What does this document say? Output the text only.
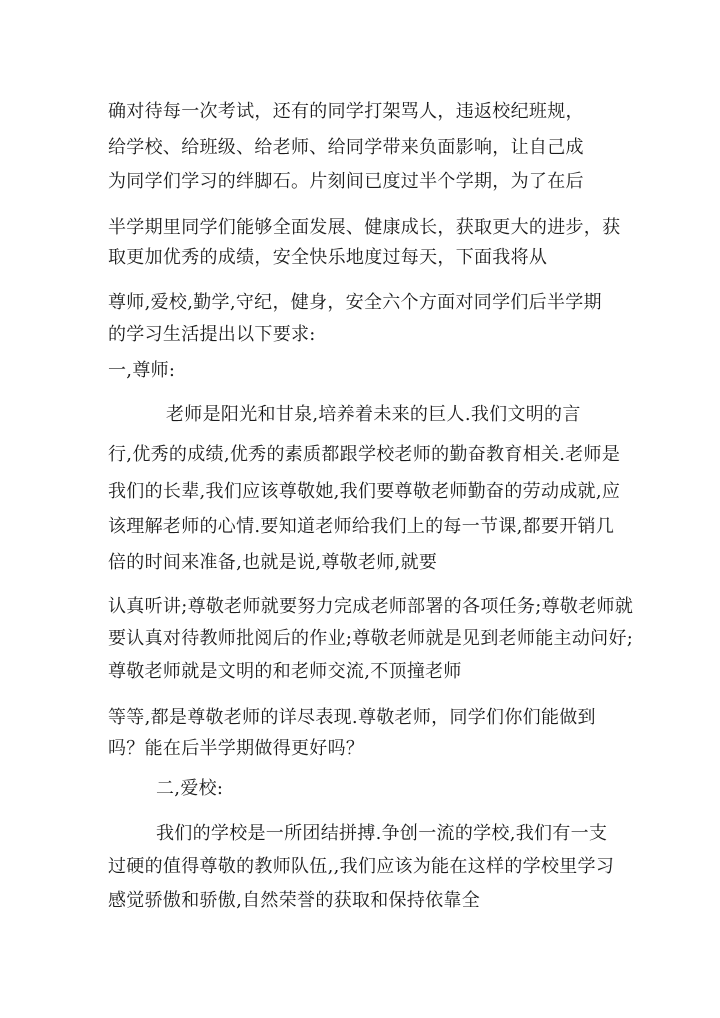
确对待每一次考试，还有的同学打架骂人，违返校纪班规，
给学校、给班级、给老师、给同学带来负面影响，让自己成
为同学们学习的绊脚石。片刻间已度过半个学期，为了在后
半学期里同学们能够全面发展、健康成长，获取更大的进步，获
取更加优秀的成绩，安全快乐地度过每天，下面我将从
尊师,爱校,勤学,守纪，健身，安全六个方面对同学们后半学期
的学习生活提出以下要求:
一,尊师:
老师是阳光和甘泉,培养着未来的巨人.我们文明的言
行,优秀的成绩,优秀的素质都跟学校老师的勤奋教育相关.老师是
我们的长辈,我们应该尊敬她,我们要尊敬老师勤奋的劳动成就,应
该理解老师的心情.要知道老师给我们上的每一节课,都要开销几
倍的时间来准备,也就是说,尊敬老师,就要
认真听讲;尊敬老师就要努力完成老师部署的各项任务;尊敬老师就
要认真对待教师批阅后的作业;尊敬老师就是见到老师能主动问好;
尊敬老师就是文明的和老师交流,不顶撞老师
等等,都是尊敬老师的详尽表现.尊敬老师，同学们你们能做到
吗？能在后半学期做得更好吗？
二,爱校:
我们的学校是一所团结拼搏.争创一流的学校,我们有一支
过硬的值得尊敬的教师队伍,,我们应该为能在这样的学校里学习
感觉骄傲和骄傲,自然荣誉的获取和保持依靠全
